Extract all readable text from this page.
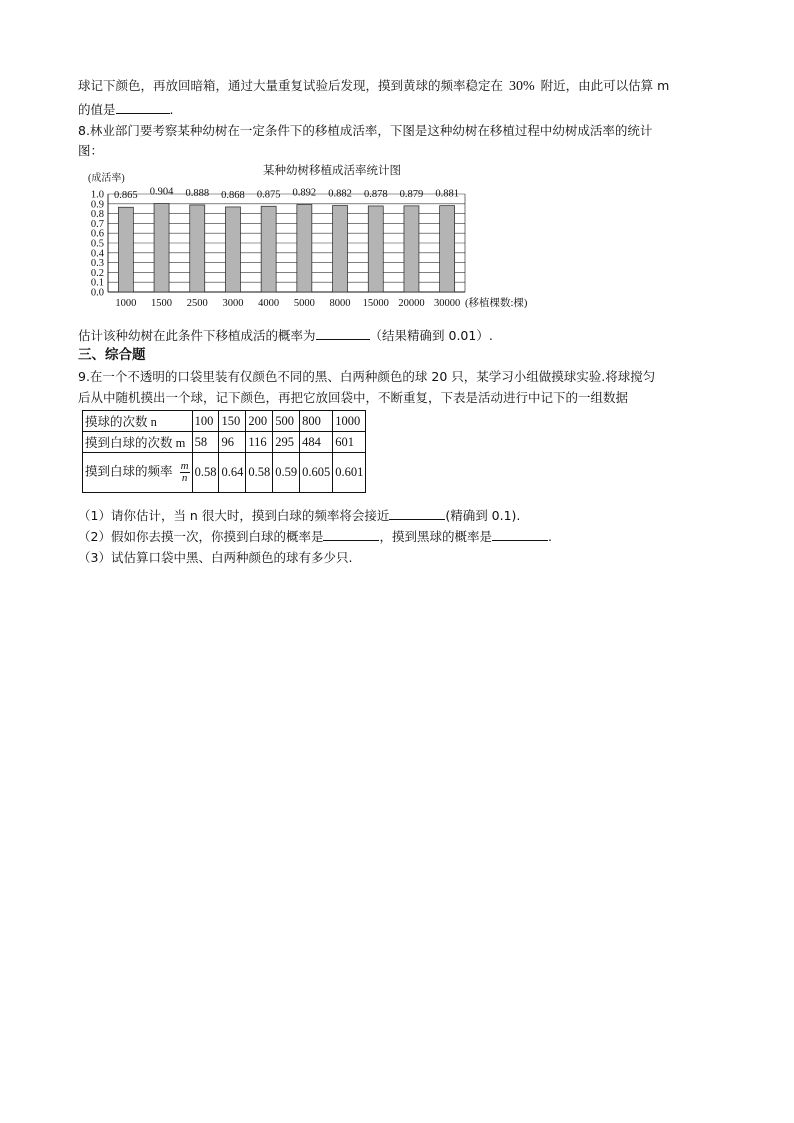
球记下颜色，再放回暗箱，通过大量重复试验后发现，摸到黄球的频率稳定在 30% 附近，由此可以估算 m
的值是	.
8.林业部门要考察某种幼树在一定条件下的移植成活率，下图是这种幼树在移植过程中幼树成活率的统计
图：
某种幼树移植成活率统计图
(成活率)
0.0
0.1
0.2
0.3
0.4
0.5
0.6
0.7
0.8
0.9
1.0 0.865 0.904 0.888 0.868 0.875 0.892 0.882 0.878 0.879 0.881
1000 1500 2500 3000 4000 5000 8000 15000 20000 30000 (移植棵数:棵)
估计该种幼树在此条件下移植成活的概率为	（结果精确到 0.01）.
三、综合题
9.在一个不透明的口袋里装有仅颜色不同的黑、白两种颜色的球 20 只，某学习小组做摸球实验.将球搅匀
后从中随机摸出一个球，记下颜色，再把它放回袋中，不断重复，下表是活动进行中记下的一组数据
摸球的次数 n	100	150	200	500	800	1000
摸到白球的次数 m	58	96	116	295	484	601
摸到白球的频率 $\frac{m}{n}$	0.58	0.64	0.58	0.59	0.605	0.601
（1）请你估计，当 n 很大时，摸到白球的频率将会接近	(精确到 0.1).
（2）假如你去摸一次，你摸到白球的概率是	，摸到黑球的概率是	.
（3）试估算口袋中黑、白两种颜色的球有多少只.
